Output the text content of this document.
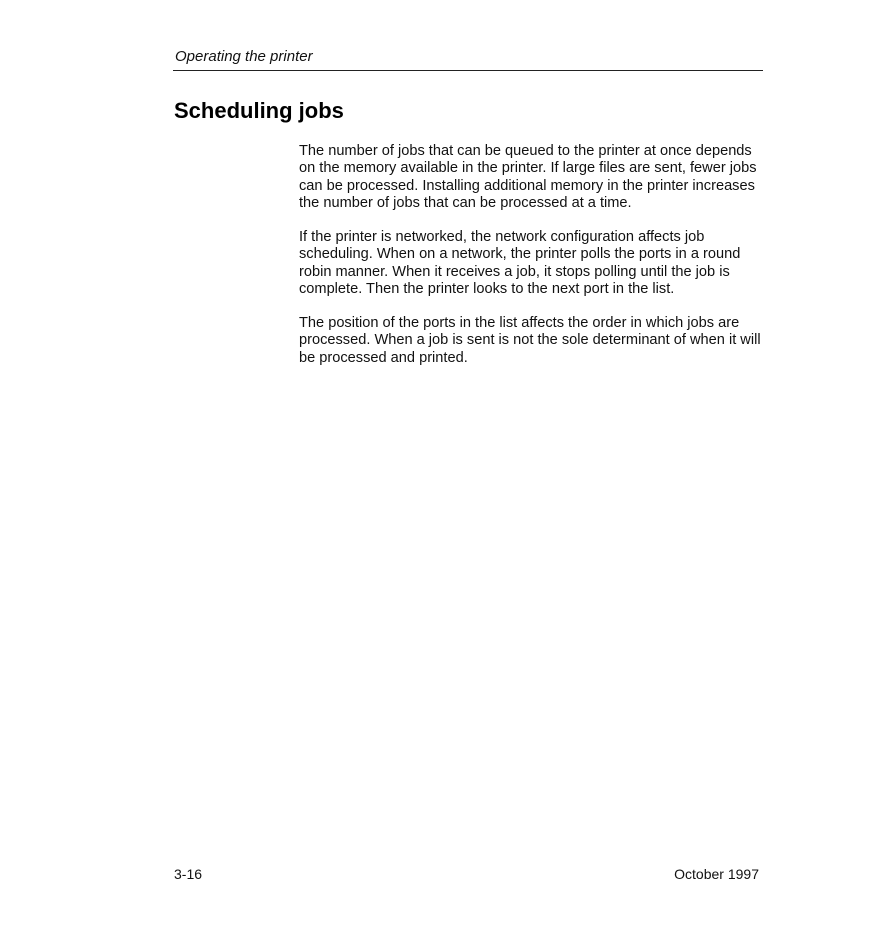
Operating the printer
Scheduling jobs

The number of jobs that can be queued to the printer at once depends on the memory available in the printer. If large files are sent, fewer jobs can be processed. Installing additional memory in the printer increases the number of jobs that can be processed at a time.

If the printer is networked, the network configuration affects job scheduling. When on a network, the printer polls the ports in a round robin manner. When it receives a job, it stops polling until the job is complete. Then the printer looks to the next port in the list.

The position of the ports in the list affects the order in which jobs are processed. When a job is sent is not the sole determinant of when it will be processed and printed.

3-16	October 1997
